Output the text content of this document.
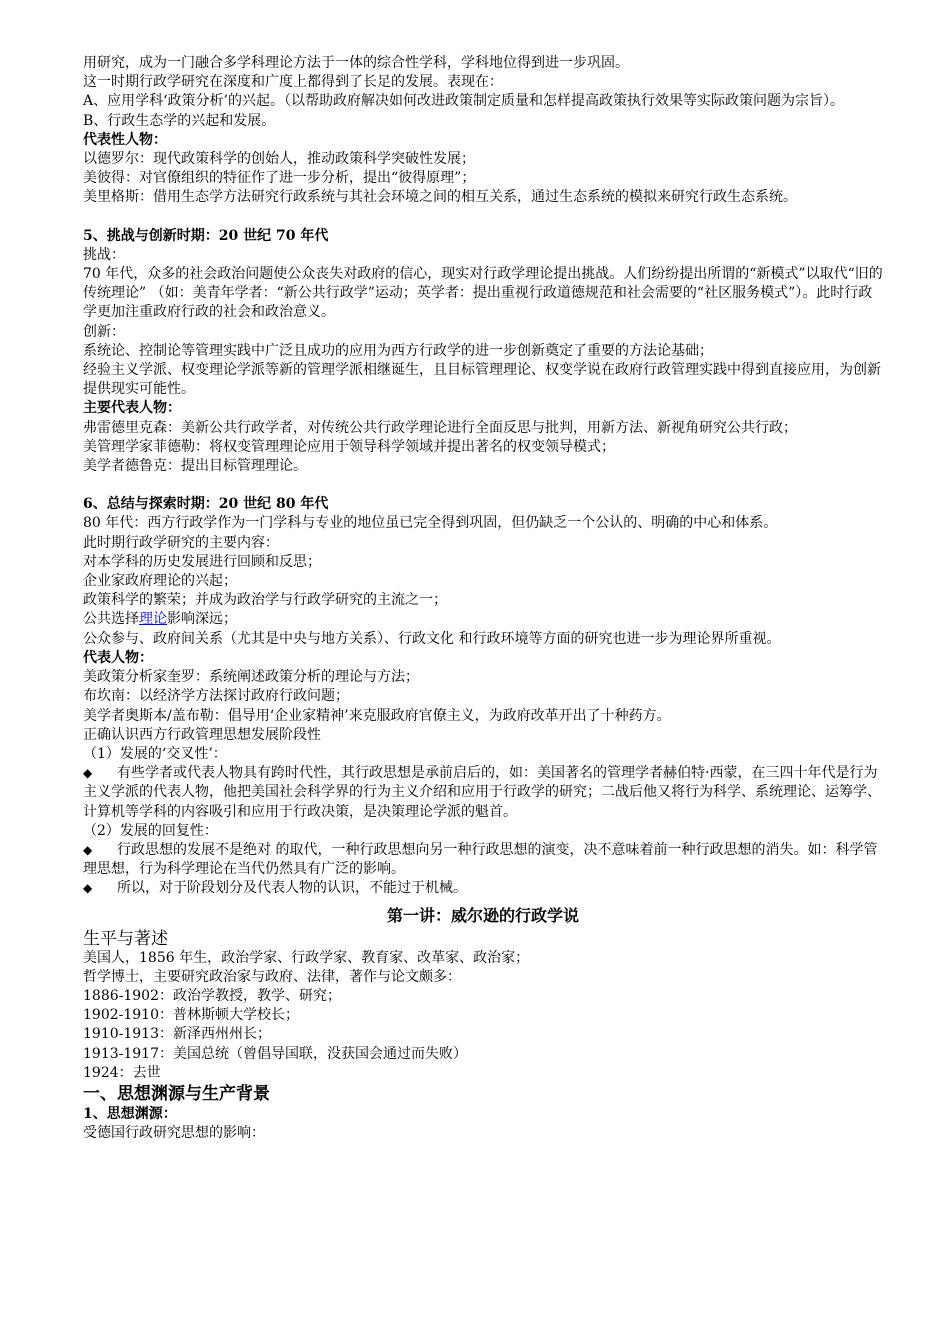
用研究，成为一门融合多学科理论方法于一体的综合性学科，学科地位得到进一步巩固。
这一时期行政学研究在深度和广度上都得到了长足的发展。表现在：
A、应用学科‘政策分析’的兴起。（以帮助政府解决如何改进政策制定质量和怎样提高政策执行效果等实际政策问题为宗旨）。
B、行政生态学的兴起和发展。
代表性人物：
以德罗尔：现代政策科学的创始人，推动政策科学突破性发展；
美彼得：对官僚组织的特征作了进一步分析，提出“彼得原理”；
美里格斯：借用生态学方法研究行政系统与其社会环境之间的相互关系，通过生态系统的模拟来研究行政生态系统。
5、挑战与创新时期：20 世纪 70 年代
挑战：
70 年代，众多的社会政治问题使公众丧失对政府的信心，现实对行政学理论提出挑战。人们纷纷提出所谓的“新模式”以取代“旧的传统理论” （如：美青年学者：“新公共行政学”运动；英学者：提出重视行政道德规范和社会需要的“社区服务模式”）。此时行政学更加注重政府行政的社会和政治意义。
创新：
系统论、控制论等管理实践中广泛且成功的应用为西方行政学的进一步创新奠定了重要的方法论基础；
经验主义学派、权变理论学派等新的管理学派相继诞生，且目标管理理论、权变学说在政府行政管理实践中得到直接应用，为创新提供现实可能性。
主要代表人物：
弗雷德里克森：美新公共行政学者，对传统公共行政学理论进行全面反思与批判，用新方法、新视角研究公共行政；
美管理学家菲德勒：将权变管理理论应用于领导科学领域并提出著名的权变领导模式；
美学者德鲁克：提出目标管理理论。
6、总结与探索时期：20 世纪 80 年代
80 年代：西方行政学作为一门学科与专业的地位虽已完全得到巩固，但仍缺乏一个公认的、明确的中心和体系。
此时期行政学研究的主要内容：
对本学科的历史发展进行回顾和反思；
企业家政府理论的兴起；
政策科学的繁荣；并成为政治学与行政学研究的主流之一；
公共选择理论影响深远；
公众参与、政府间关系（尤其是中央与地方关系）、行政文化 和行政环境等方面的研究也进一步为理论界所重视。
代表人物：
美政策分析家奎罗：系统阐述政策分析的理论与方法；
布坎南：以经济学方法探讨政府行政问题；
美学者奥斯本/盖布勒：倡导用‘企业家精神’来克服政府官僚主义，为政府改革开出了十种药方。
正确认识西方行政管理思想发展阶段性
（1）发展的‘交叉性’：
◆ 有些学者或代表人物具有跨时代性，其行政思想是承前启后的，如：美国著名的管理学者赫伯特·西蒙，在三四十年代是行为主义学派的代表人物，他把美国社会科学界的行为主义介绍和应用于行政学的研究；二战后他又将行为科学、系统理论、运筹学、计算机等学科的内容吸引和应用于行政决策，是决策理论学派的魁首。
（2）发展的回复性：
◆ 行政思想的发展不是绝对 的取代，一种行政思想向另一种行政思想的演变，决不意味着前一种行政思想的消失。如：科学管理思想，行为科学理论在当代仍然具有广泛的影响。
◆ 所以，对于阶段划分及代表人物的认识，不能过于机械。
第一讲：威尔逊的行政学说
生平与著述
美国人，1856 年生，政治学家、行政学家、教育家、改革家、政治家；
哲学博士，主要研究政治家与政府、法律，著作与论文颇多：
1886-1902：政治学教授，教学、研究；
1902-1910：普林斯顿大学校长；
1910-1913：新泽西州州长；
1913-1917：美国总统（曾倡导国联，没获国会通过而失败）
1924：去世
一、思想渊源与生产背景
1、思想渊源：
受德国行政研究思想的影响：
